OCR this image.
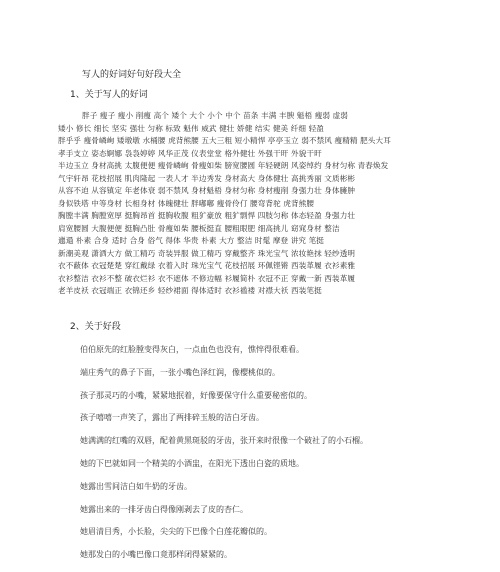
写人的好词好句好段大全
1、关于写人的好词
胖子 瘦子 瘦小 削瘦 高个 矮个 大个 小个 中个 苗条 丰满 丰腴 魁梧 瘦弱 虚弱
矮小 修长 细长 坚实 强壮 匀称 标致 魁伟 威武 健壮 娇健 结实 健美 纤细 轻盈
胖乎乎 瘦骨嶙峋 矮墩墩 水桶腰 虎背熊腰 五大三粗 短小精悍 亭亭玉立 弱不禁风 瘦精精 肥头大耳
孝手支立 姿态婀娜 袅袅婷婷 风华正茂 仪表堂堂 格外健壮 外强干旰 外貌干旰
半边玉立 身材高挑 太腹便便 瘦骨嶙峋 骨瘦如柴 膀宽腰圆 年轻硬朗 风姿绰约 身材匀称 青春焕发
气宇轩昂 花枝招展 肌肉隆起 一表人才 半边秀发 身材高大 身体健壮 高挑秀丽 文质彬彬
从容不迫 从容镇定 年老体衰 弱不禁风 身材魁梧 身材匀称 身材瘦削 身强力壮 身体臃肿
身似铁塔 中等身材 长相身材 体魄健壮 胖嘟嘟 瘦骨伶仃 腰弯背驼 虎背熊腰
胸膛丰满 胸膛宽厚 挺胸昂首 挺胸收腹 粗犷豪放 粗犷剽悍 四肢匀称 体态轻盈 身强力壮
肩宽腰圆 大腹便便 挺胸凸肚 骨瘦如柴 腰板挺直 腰粗眼肥 细高挑儿 窈窕身材 整洁
邋遢 朴素 合身 适时 合身 俗气 得体 华贵 朴素 大方 整洁 时髦 摩登 讲究 笔挺
新潮美观 潇洒大方 做工精巧 奇装异服 做工精巧 穿戴整齐 珠光宝气 浓妆艳抹 轻纱透明
衣不蔽体 衣冠楚楚 穿红戴绿 衣着入时 珠光宝气 花枝招展 环佩铿锵 西装革履 衣衫素雅
衣衫整洁 衣衫不整 破衣烂衫 衣不遮体 不修边幅 衫履简朴 衣冠不正 穿戴一新 西装革履
老羊皮袄 衣冠端正 衣锦还乡 轻纱裙面 得体适时 衣衫褴褛 对襟大袄 西装笔挺
2、关于好段
伯伯原先的红脸膛变得灰白，一点血色也没有，憔悴得很难看。
端庄秀气的鼻子下面，一张小嘴色泽红润，像樱桃似的。
孩子那灵巧的小嘴，紧紧地抿着，好像要保守什么重要秘密似的。
孩子嘻嘻一声笑了，露出了两排碎玉般的洁白牙齿。
她满满的红嘴的双唇，配着黄黑斑驳的牙齿，张开来时很像一个破社了的小石榴。
她的下巴就如同一个精美的小酒盅，在阳光下透出白瓷的质地。
她露出雪间洁白如牛奶的牙齿。
她露出来的一排牙齿白得像刚剥去了皮的杏仁。
她眉清目秀，小长脸，尖尖的下巴像个白莲花瓣似的。
她那发白的小嘴巴像口竟那样闭得紧紧的。
